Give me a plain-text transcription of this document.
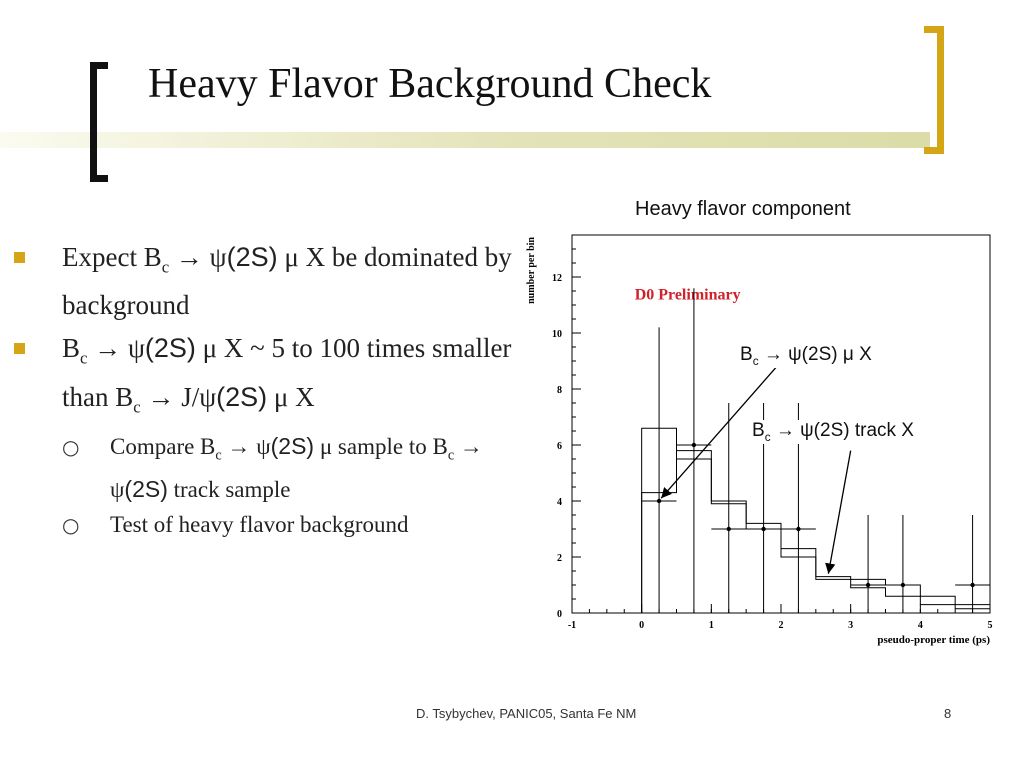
Heavy Flavor Background Check
Expect $B_c \to \psi(2S)$ μ X be dominated by background
$B_c \to \psi(2S)$ μ X ~ 5 to 100 times smaller than $B_c \to J/\psi(2S)$ μ X
○ Compare $B_c \to \psi(2S)$ μ sample to $B_c \to \psi(2S)$ track sample
○ Test of heavy flavor background
Heavy flavor component
-1	0	1	2	3	4	5
0
2
4
6
8
10
12
pseudo-proper time (ps)
number per bin	D0 Preliminary
$B_c \to \psi(2S)$ μ X
$B_c \to \psi(2S)$ track X
D. Tsybychev, PANIC05, Santa Fe NM	8
